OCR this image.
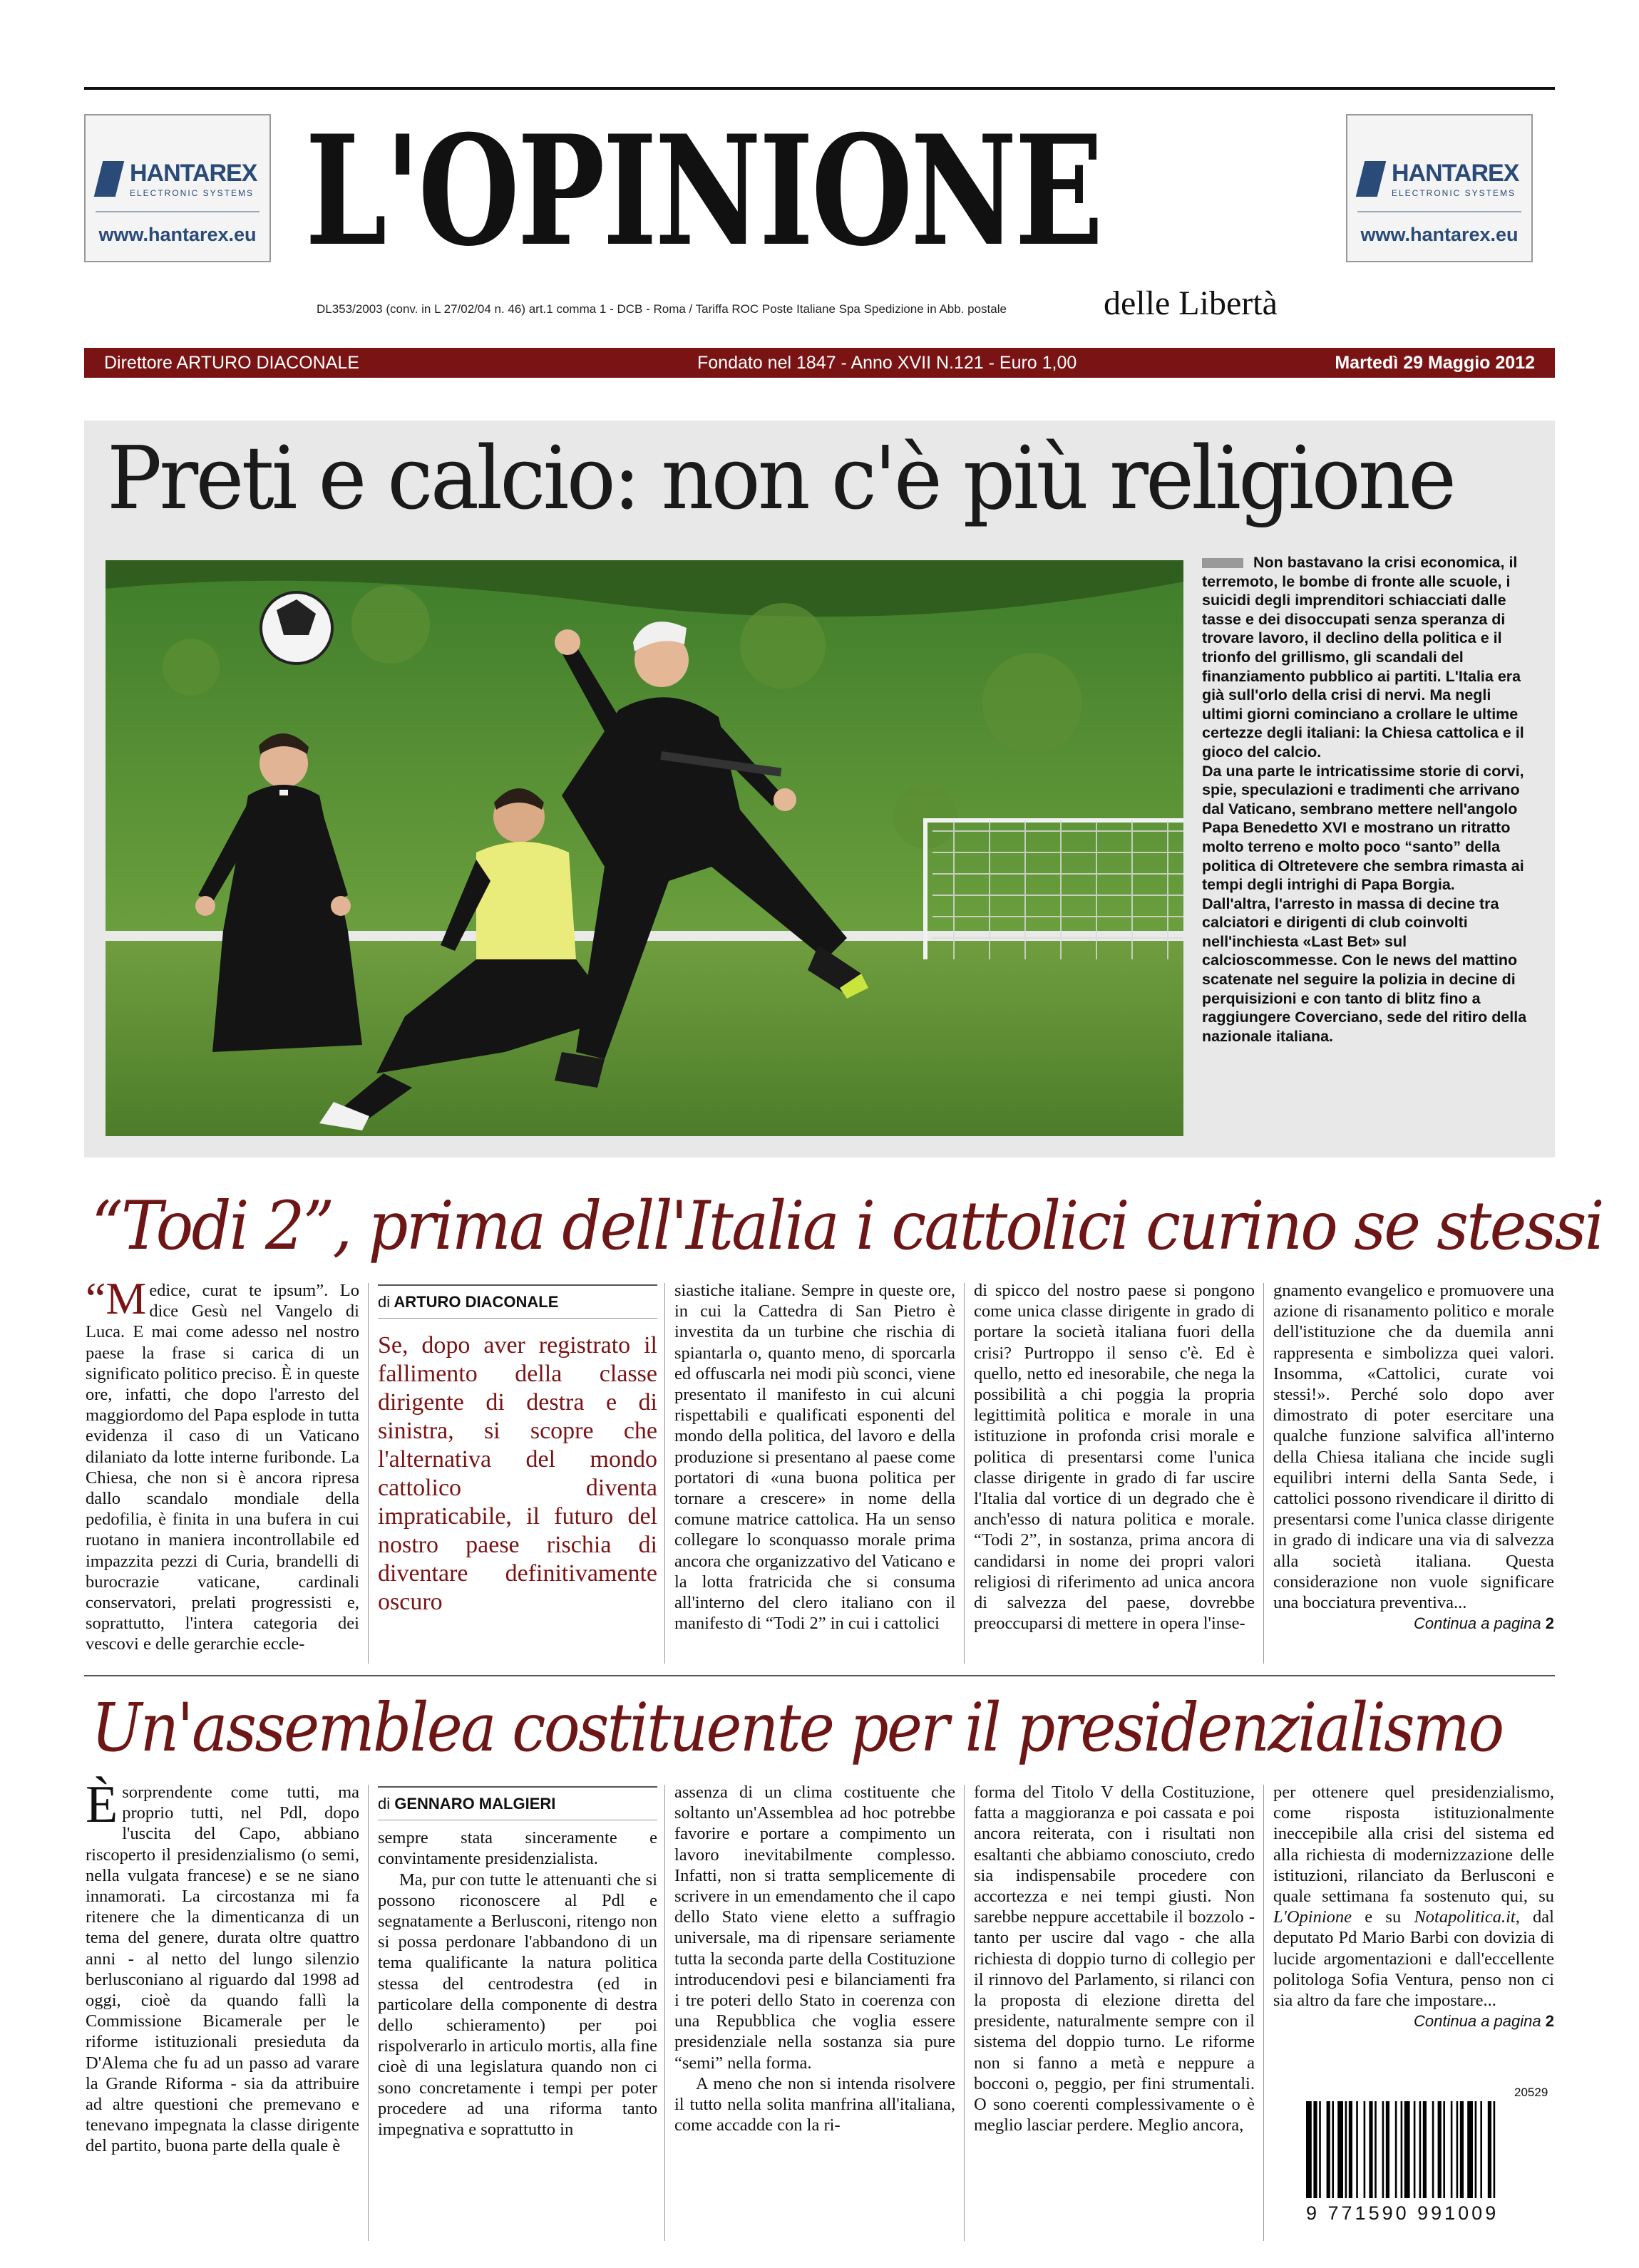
HANTAREX
ELECTRONIC SYSTEMS
www.hantarex.eu
HANTAREX
ELECTRONIC SYSTEMS
www.hantarex.eu
L'OPINIONE
delle Libertà
DL353/2003 (conv. in L 27/02/04 n. 46) art.1 comma 1 - DCB - Roma / Tariffa ROC Poste Italiane Spa Spedizione in Abb. postale
Direttore ARTURO DIACONALE	Fondato nel 1847 - Anno XVII N.121 - Euro 1,00	Martedì 29 Maggio 2012
Preti e calcio: non c'è più religione

Non bastavano la crisi economica, il terremoto, le bombe di fronte alle scuole, i suicidi degli imprenditori schiacciati dalle tasse e dei disoccupati senza speranza di trovare lavoro, il declino della politica e il trionfo del grillismo, gli scandali del finanziamento pubblico ai partiti. L'Italia era già sull'orlo della crisi di nervi. Ma negli ultimi giorni cominciano a crollare le ultime certezze degli italiani: la Chiesa cattolica e il gioco del calcio.

Da una parte le intricatissime storie di corvi, spie, speculazioni e tradimenti che arrivano dal Vaticano, sembrano mettere nell'angolo Papa Benedetto XVI e mostrano un ritratto molto terreno e molto poco “santo” della politica di Oltretevere che sembra rimasta ai tempi degli intrighi di Papa Borgia.

Dall'altra, l'arresto in massa di decine tra calciatori e dirigenti di club coinvolti nell'inchiesta «Last Bet» sul calcioscommesse. Con le news del mattino scatenate nel seguire la polizia in decine di perquisizioni e con tanto di blitz fino a raggiungere Coverciano, sede del ritiro della nazionale italiana.

“Todi 2”, prima dell'Italia i cattolici curino se stessi

“Medice, curat te ipsum”. Lo dice Gesù nel Vangelo di Luca. E mai come adesso nel nostro paese la frase si carica di un significato politico preciso. È in queste ore, infatti, che dopo l'arresto del maggiordomo del Papa esplode in tutta evidenza il caso di un Vaticano dilaniato da lotte interne furibonde. La Chiesa, che non si è ancora ripresa dallo scandalo mondiale della pedofilia, è finita in una bufera in cui ruotano in maniera incontrollabile ed impazzita pezzi di Curia, brandelli di burocrazie vaticane, cardinali conservatori, prelati progressisti e, soprattutto, l'intera categoria dei vescovi e delle gerarchie eccle-

di ARTURO DIACONALE
Se, dopo aver registrato il fallimento della classe dirigente di destra e di sinistra, si scopre che l'alternativa del mondo cattolico diventa impraticabile, il futuro del nostro paese rischia di diventare definitivamente oscuro

siastiche italiane. Sempre in queste ore, in cui la Cattedra di San Pietro è investita da un turbine che rischia di spiantarla o, quanto meno, di sporcarla ed offuscarla nei modi più sconci, viene presentato il manifesto in cui alcuni rispettabili e qualificati esponenti del mondo della politica, del lavoro e della produzione si presentano al paese come portatori di «una buona politica per tornare a crescere» in nome della comune matrice cattolica. Ha un senso collegare lo sconquasso morale prima ancora che organizzativo del Vaticano e la lotta fratricida che si consuma all'interno del clero italiano con il manifesto di “Todi 2” in cui i cattolici

di spicco del nostro paese si pongono come unica classe dirigente in grado di portare la società italiana fuori della crisi? Purtroppo il senso c'è. Ed è quello, netto ed inesorabile, che nega la possibilità a chi poggia la propria legittimità politica e morale in una istituzione in profonda crisi morale e politica di presentarsi come l'unica classe dirigente in grado di far uscire l'Italia dal vortice di un degrado che è anch'esso di natura politica e morale. “Todi 2”, in sostanza, prima ancora di candidarsi in nome dei propri valori religiosi di riferimento ad unica ancora di salvezza del paese, dovrebbe preoccuparsi di mettere in opera l'inse-

gnamento evangelico e promuovere una azione di risanamento politico e morale dell'istituzione che da duemila anni rappresenta e simbolizza quei valori. Insomma, «Cattolici, curate voi stessi!». Perché solo dopo aver dimostrato di poter esercitare una qualche funzione salvifica all'interno della Chiesa italiana che incide sugli equilibri interni della Santa Sede, i cattolici possono rivendicare il diritto di presentarsi come l'unica classe dirigente in grado di indicare una via di salvezza alla società italiana. Questa considerazione non vuole significare una bocciatura preventiva...

Continua a pagina 2
Un'assemblea costituente per il presidenzialismo

Èsorprendente come tutti, ma proprio tutti, nel Pdl, dopo l'uscita del Capo, abbiano riscoperto il presidenzialismo (o semi, nella vulgata francese) e se ne siano innamorati. La circostanza mi fa ritenere che la dimenticanza di un tema del genere, durata oltre quattro anni - al netto del lungo silenzio berlusconiano al riguardo dal 1998 ad oggi, cioè da quando fallì la Commissione Bicamerale per le riforme istituzionali presieduta da D'Alema che fu ad un passo ad varare la Grande Riforma - sia da attribuire ad altre questioni che premevano e tenevano impegnata la classe dirigente del partito, buona parte della quale è

di GENNARO MALGIERI

sempre stata sinceramente e convintamente presidenzialista.

Ma, pur con tutte le attenuanti che si possono riconoscere al Pdl e segnatamente a Berlusconi, ritengo non si possa perdonare l'abbandono di un tema qualificante la natura politica stessa del centrodestra (ed in particolare della componente di destra dello schieramento) per poi rispolverarlo in articulo mortis, alla fine cioè di una legislatura quando non ci sono concretamente i tempi per poter procedere ad una riforma tanto impegnativa e soprattutto in

assenza di un clima costituente che soltanto un'Assemblea ad hoc potrebbe favorire e portare a compimento un lavoro inevitabilmente complesso. Infatti, non si tratta semplicemente di scrivere in un emendamento che il capo dello Stato viene eletto a suffragio universale, ma di ripensare seriamente tutta la seconda parte della Costituzione introducendovi pesi e bilanciamenti fra i tre poteri dello Stato in coerenza con una Repubblica che voglia essere presidenziale nella sostanza sia pure “semi” nella forma.

A meno che non si intenda risolvere il tutto nella solita manfrina all'italiana, come accadde con la ri-

forma del Titolo V della Costituzione, fatta a maggioranza e poi cassata e poi ancora reiterata, con i risultati non esaltanti che abbiamo conosciuto, credo sia indispensabile procedere con accortezza e nei tempi giusti. Non sarebbe neppure accettabile il bozzolo - tanto per uscire dal vago - che alla richiesta di doppio turno di collegio per il rinnovo del Parlamento, si rilanci con la proposta di elezione diretta del presidente, naturalmente sempre con il sistema del doppio turno. Le riforme non si fanno a metà e neppure a bocconi o, peggio, per fini strumentali. O sono coerenti complessivamente o è meglio lasciar perdere. Meglio ancora,

per ottenere quel presidenzialismo, come risposta istituzionalmente ineccepibile alla crisi del sistema ed alla richiesta di modernizzazione delle istituzioni, rilanciato da Berlusconi e quale settimana fa sostenuto qui, su L'Opinione e su Notapolitica.it, dal deputato Pd Mario Barbi con dovizia di lucide argomentazioni e dall'eccellente politologa Sofia Ventura, penso non ci sia altro da fare che impostare...

Continua a pagina 2
20529
9 771590 991009
